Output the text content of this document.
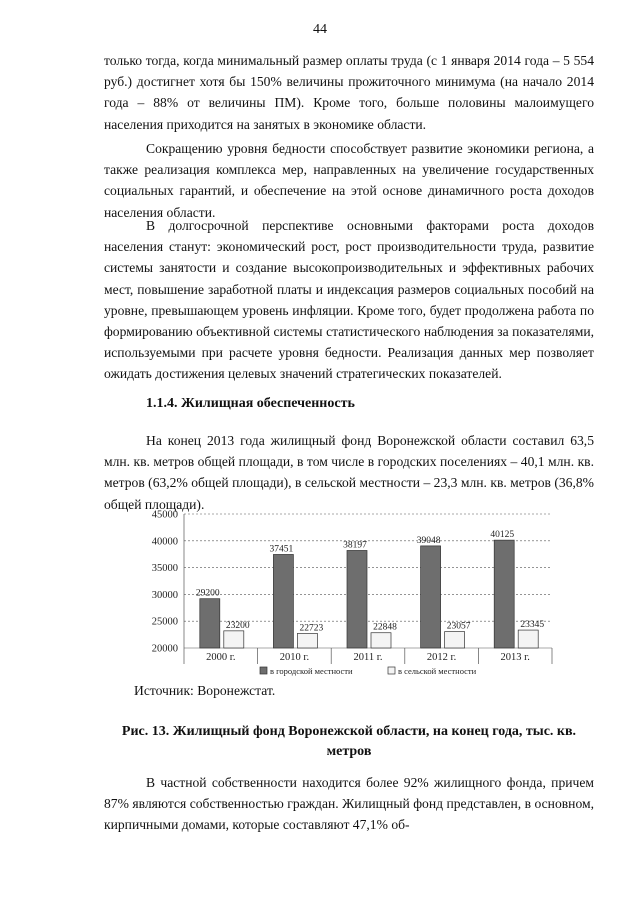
44

только тогда, когда минимальный размер оплаты труда (с 1 января 2014 года – 5 554 руб.) достигнет хотя бы 150% величины прожиточного минимума (на начало 2014 года – 88% от величины ПМ). Кроме того, больше половины малоимущего населения приходится на занятых в экономике области.

Сокращению уровня бедности способствует развитие экономики региона, а также реализация комплекса мер, направленных на увеличение государственных социальных гарантий, и обеспечение на этой основе динамичного роста доходов населения области.

В долгосрочной перспективе основными факторами роста доходов населения станут: экономический рост, рост производительности труда, развитие системы занятости и создание высокопроизводительных и эффективных рабочих мест, повышение заработной платы и индексация размеров социальных пособий на уровне, превышающем уровень инфляции. Кроме того, будет продолжена работа по формированию объективной системы статистического наблюдения за показателями, используемыми при расчете уровня бедности. Реализация данных мер позволяет ожидать достижения целевых значений стратегических показателей.

1.1.4. Жилищная обеспеченность

На конец 2013 года жилищный фонд Воронежской области составил 63,5 млн. кв. метров общей площади, в том числе в городских поселениях – 40,1 млн. кв. метров (63,2% общей площади), в сельской местности – 23,3 млн. кв. метров (36,8% общей площади).

20000
25000
30000
35000
40000
45000
29200
23200
2000 г.
37451
22723
2010 г.
38197
22848
2011 г.
39048
23057
2012 г.
40125
23345
2013 г.
в городской местности	в сельской местности

Источник: Воронежстат.

Рис. 13. Жилищный фонд Воронежской области, на конец года, тыс. кв. метров

В частной собственности находится более 92% жилищного фонда, причем 87% являются собственностью граждан. Жилищный фонд представлен, в основном, кирпичными домами, которые составляют 47,1% об-
